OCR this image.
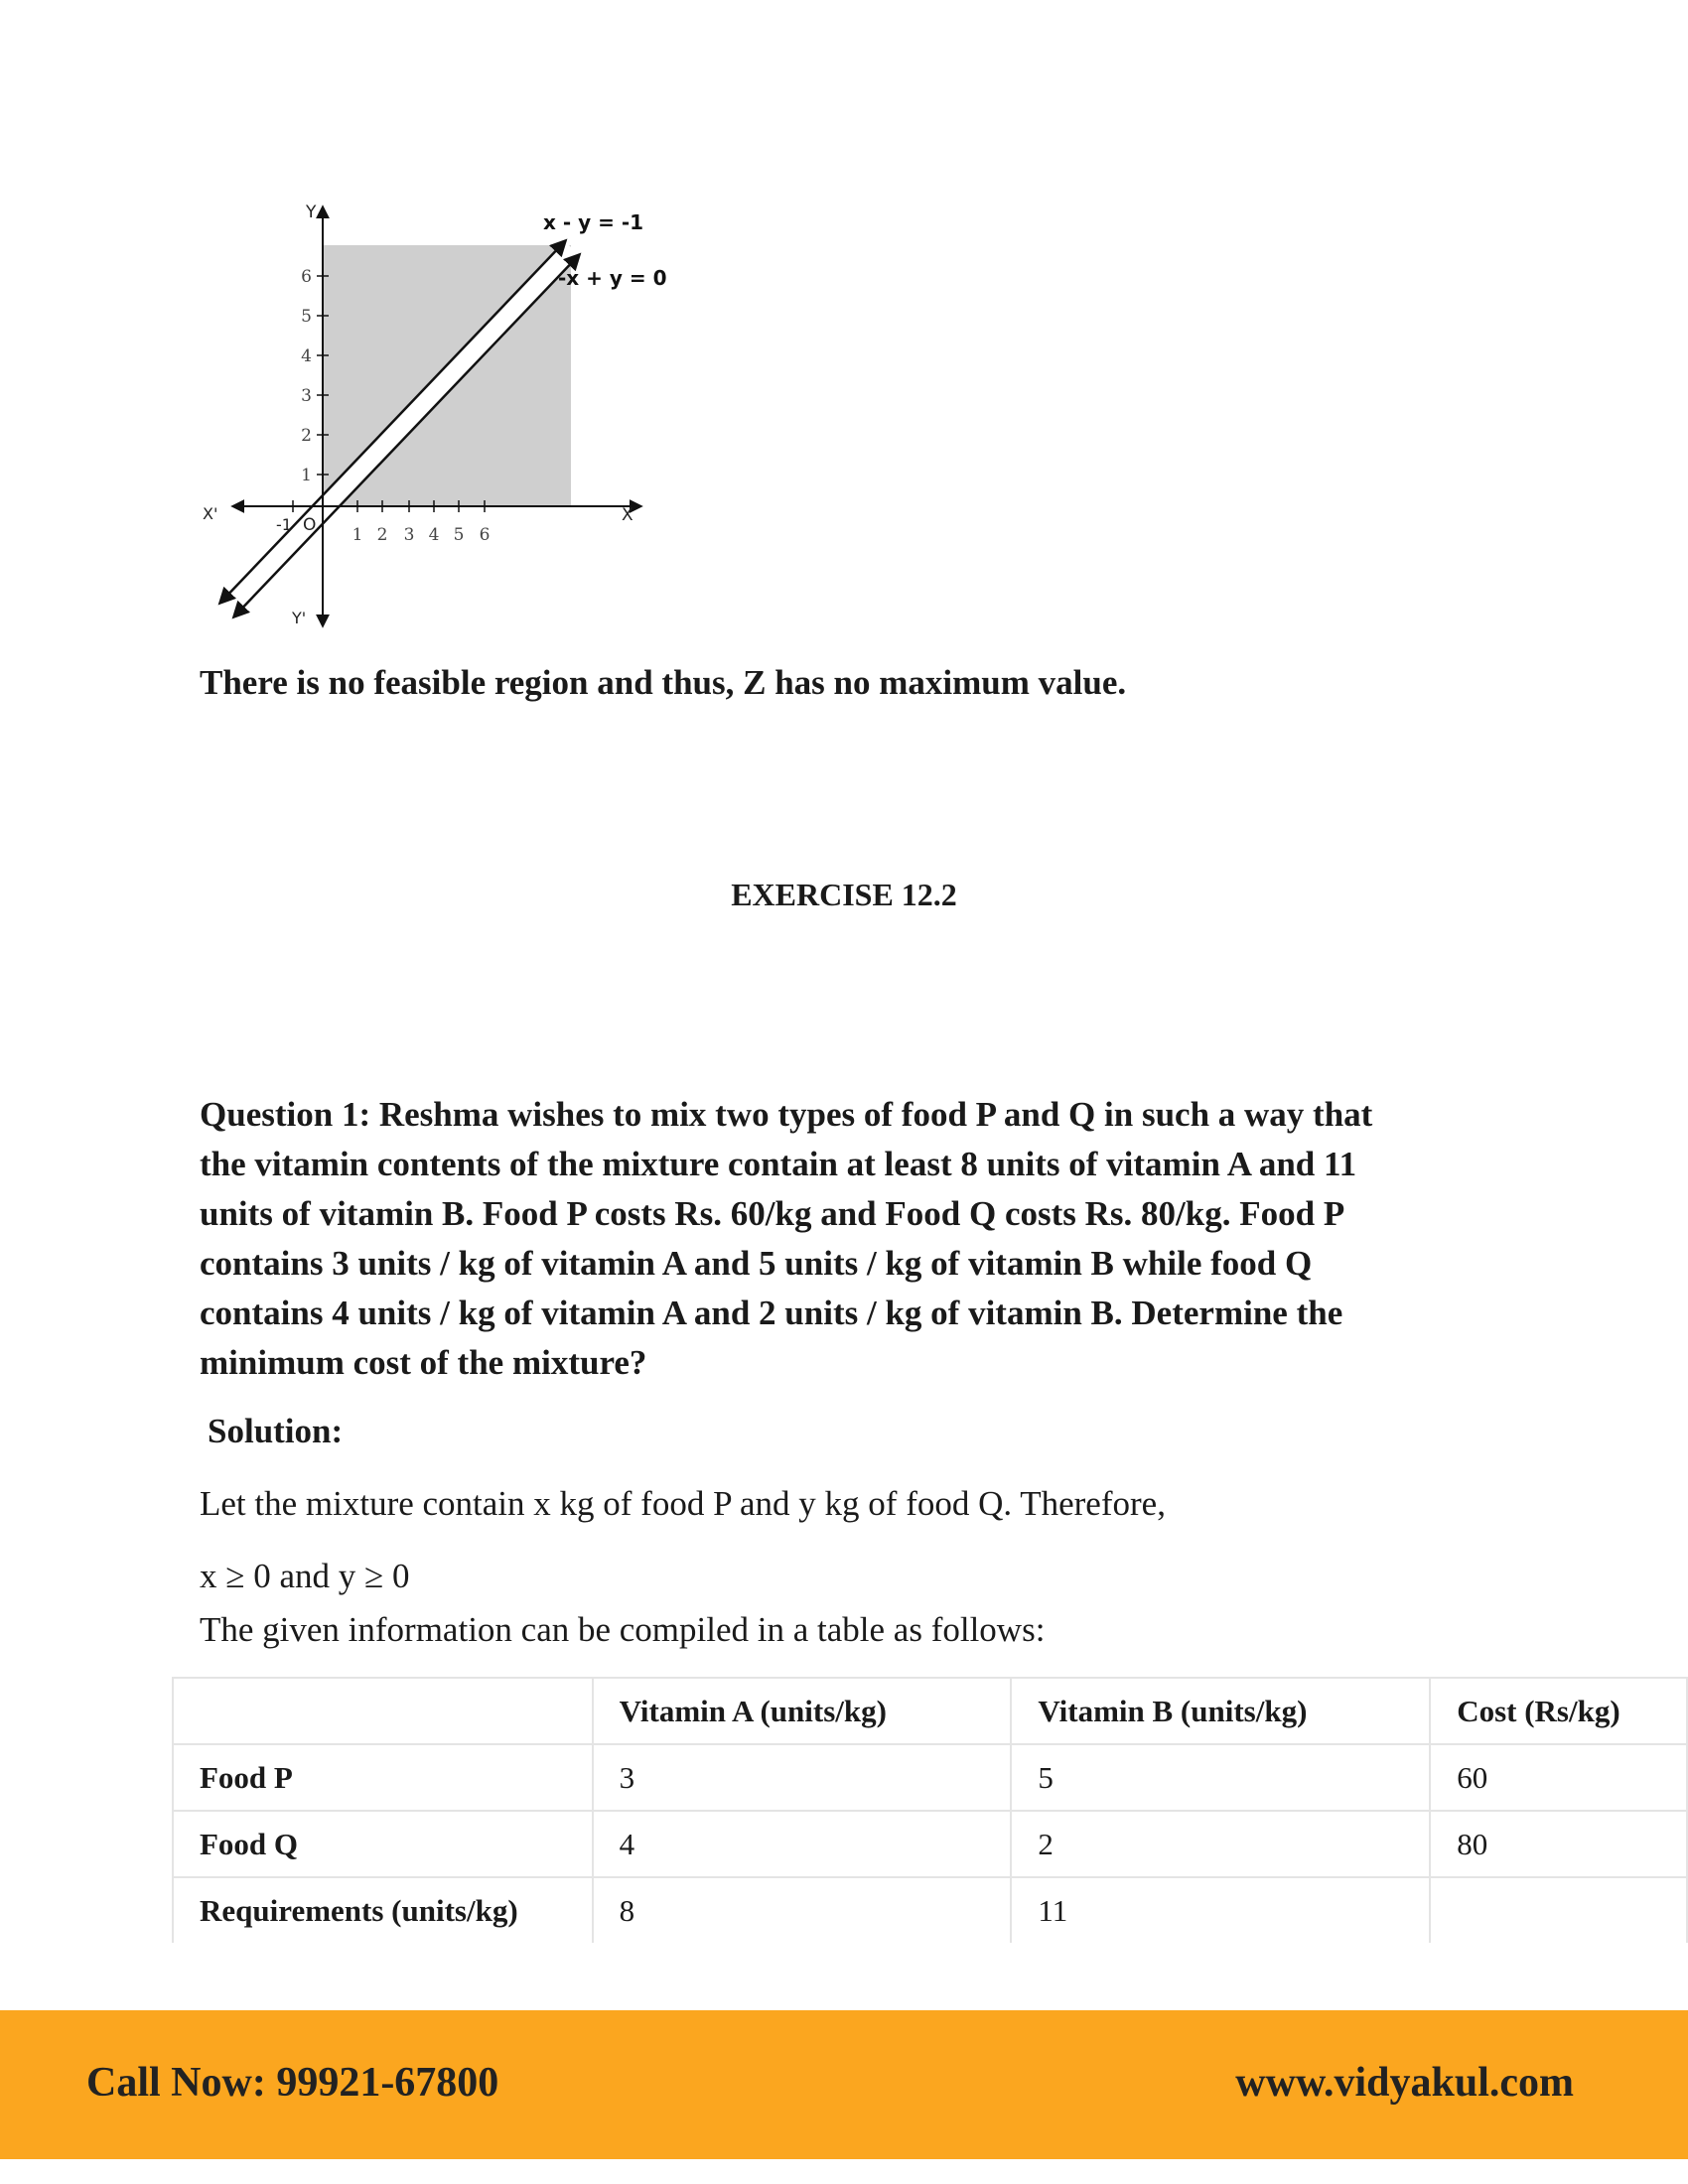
Y
Y'
X
X'
O
-1
1 2 3 4 5 6
1
2
3
4
5
6
x - y = -1
-x + y = 0
There is no feasible region and thus, Z has no maximum value.
EXERCISE 12.2
Question 1: Reshma wishes to mix two types of food P and Q in such a way that
the vitamin contents of the mixture contain at least 8 units of vitamin A and 11
units of vitamin B. Food P costs Rs. 60/kg and Food Q costs Rs. 80/kg. Food P
contains 3 units / kg of vitamin A and 5 units / kg of vitamin B while food Q
contains 4 units / kg of vitamin A and 2 units / kg of vitamin B. Determine the
minimum cost of the mixture?
Solution:
Let the mixture contain x kg of food P and y kg of food Q. Therefore,
x ≥ 0 and y ≥ 0
The given information can be compiled in a table as follows:
	Vitamin A (units/kg)	Vitamin B (units/kg)	Cost (Rs/kg)
Food P	3	5	60
Food Q	4	2	80
Requirements (units/kg)	8	11	
Call Now: 99921-67800	www.vidyakul.com
